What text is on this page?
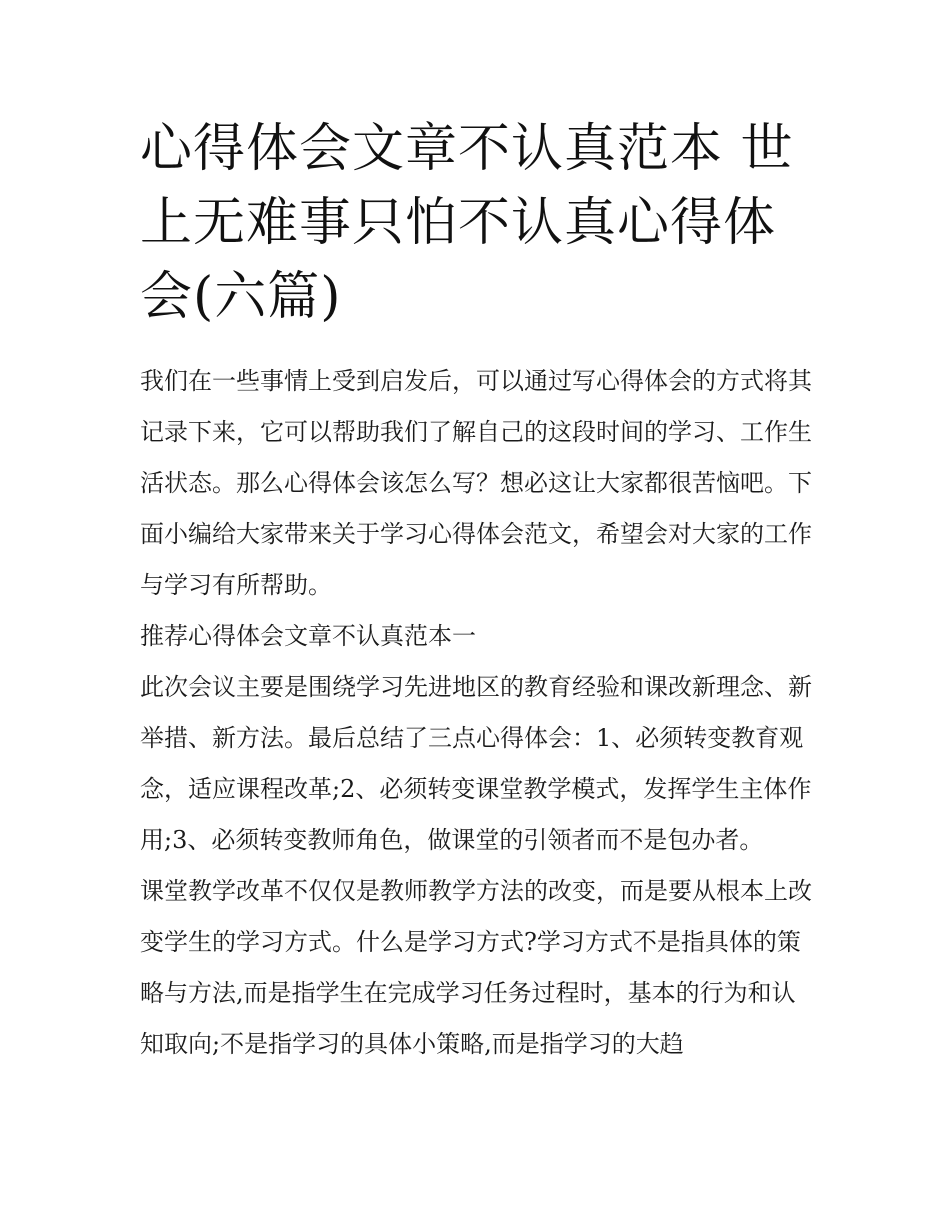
心得体会文章不认真范本 世上无难事只怕不认真心得体会(六篇)

我们在一些事情上受到启发后，可以通过写心得体会的方式将其记录下来，它可以帮助我们了解自己的这段时间的学习、工作生活状态。那么心得体会该怎么写？想必这让大家都很苦恼吧。下面小编给大家带来关于学习心得体会范文，希望会对大家的工作与学习有所帮助。

推荐心得体会文章不认真范本一

此次会议主要是围绕学习先进地区的教育经验和课改新理念、新举措、新方法。最后总结了三点心得体会：1、必须转变教育观念，适应课程改革;2、必须转变课堂教学模式，发挥学生主体作用;3、必须转变教师角色，做课堂的引领者而不是包办者。

课堂教学改革不仅仅是教师教学方法的改变，而是要从根本上改变学生的学习方式。什么是学习方式?学习方式不是指具体的策略与方法,而是指学生在完成学习任务过程时，基本的行为和认知取向;不是指学习的具体小策略,而是指学习的大趋
